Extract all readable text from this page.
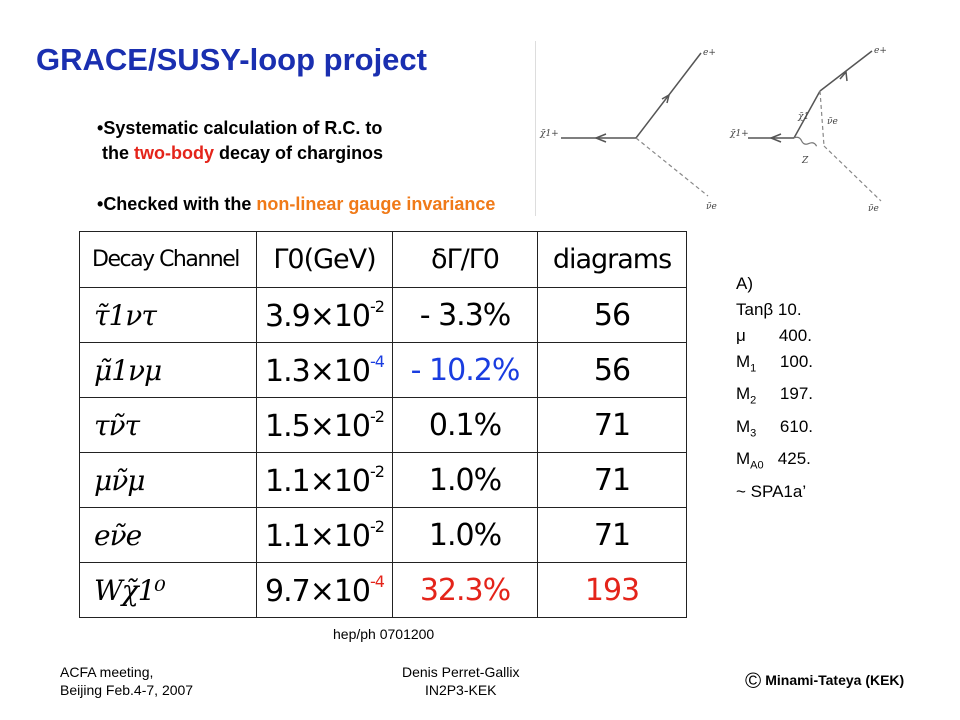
GRACE/SUSY-loop project
•Systematic calculation of R.C. to
the two-body decay of charginos
•Checked with the non-linear gauge invariance
e+
χ̃1+
ν̃e
e+
χ̃1+
χ̃1 ν̃e
ν̃e
Z
Decay Channel	Γ0(GeV)	δΓ/Γ0	diagrams
τ̃1ντ	$3.9\times 10^{-2}$	- 3.3%	56
μ̃1νμ	$1.3\times 10^{-4}$	- 10.2%	56
τν̃τ	$1.5\times 10^{-2}$	0.1%	71
μν̃μ	$1.1\times 10^{-2}$	1.0%	71
eν̃e	$1.1\times 10^{-2}$	1.0%	71
Wχ̃1⁰	$9.7\times 10^{-4}$	32.3%	193
A)
Tanβ 10.
μ       400.
$M_1$     100.
$M_2$     197.
$M_3$     610.
$M_{A0}$   425.
~ SPA1a’
hep/ph 0701200
ACFA meeting,
Beijing Feb.4-7, 2007
Denis Perret-Gallix
IN2P3-KEK	© Minami-Tateya (KEK)
